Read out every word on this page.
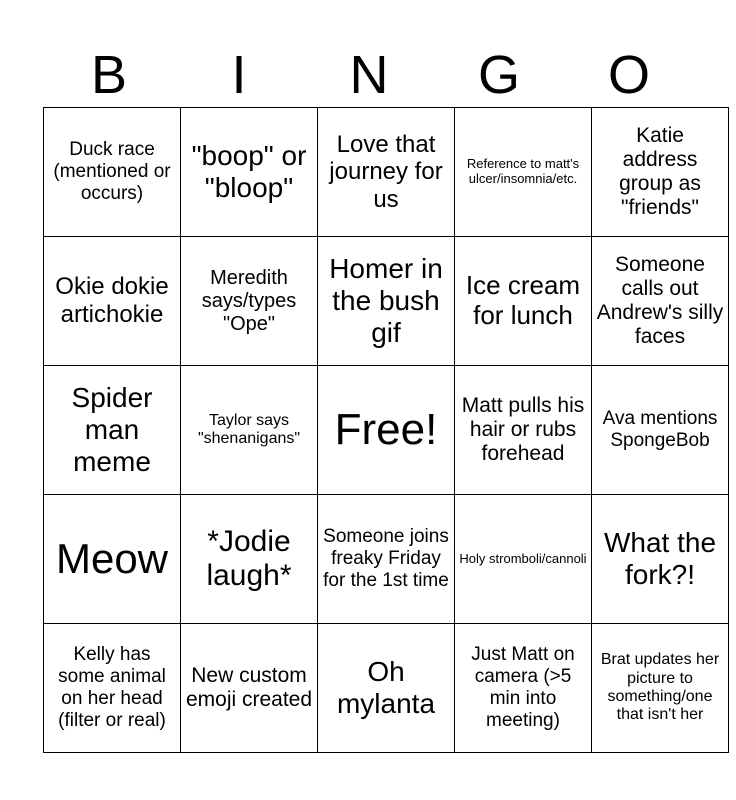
B	I	N	G	O
Duck race (mentioned or occurs)	"boop" or "bloop"	Love that journey for us	Reference to matt's ulcer/insomnia/etc.	Katie address group as "friends"
Okie dokie artichokie	Meredith says/types "Ope"	Homer in the bush gif	Ice cream for lunch	Someone calls out Andrew's silly faces
Spider man meme	Taylor says "shenanigans"	Free!	Matt pulls his hair or rubs forehead	Ava mentions SpongeBob
Meow	*Jodie laugh*	Someone joins freaky Friday for the 1st time	Holy stromboli/cannoli	What the fork?!
Kelly has some animal on her head (filter or real)	New custom emoji created	Oh mylanta	Just Matt on camera (>5 min into meeting)	Brat updates her picture to something/one that isn't her
